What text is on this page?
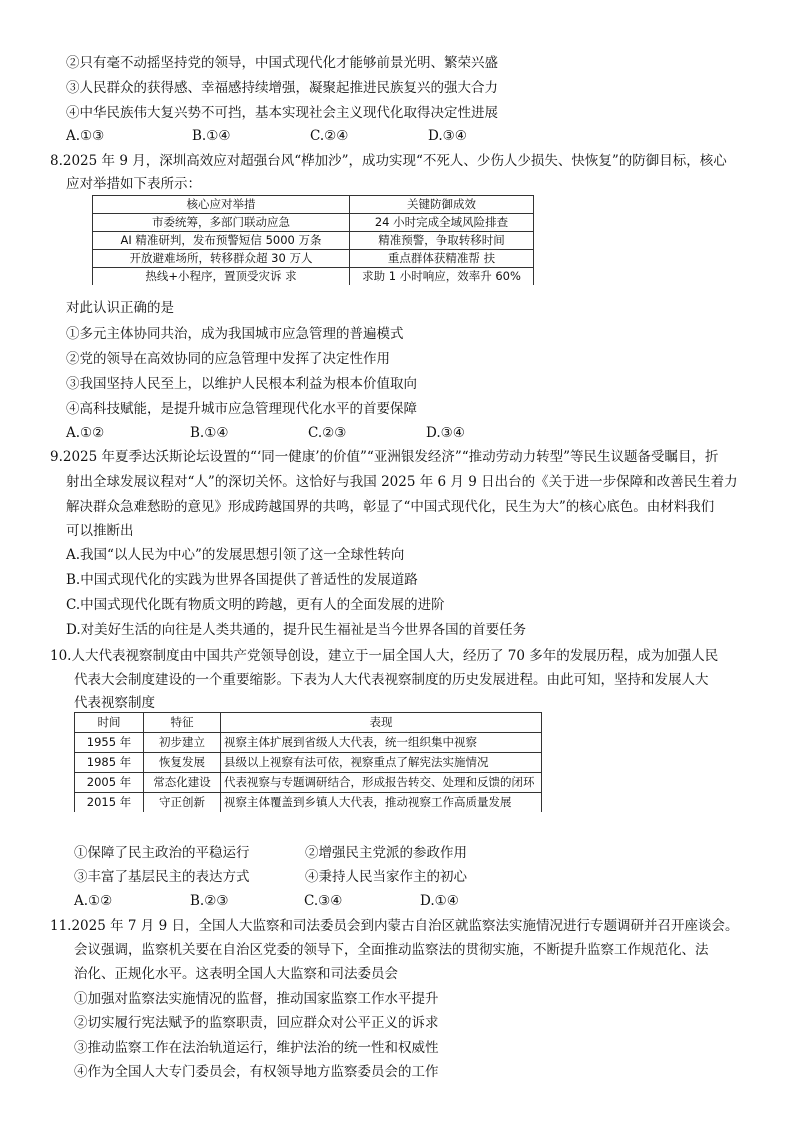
②只有毫不动摇坚持党的领导，中国式现代化才能够前景光明、繁荣兴盛
③人民群众的获得感、幸福感持续增强，凝聚起推进民族复兴的强大合力
④中华民族伟大复兴势不可挡，基本实现社会主义现代化取得决定性进展
A.①③	B.①④	C.②④	D.③④
8.2025 年 9 月，深圳高效应对超强台风“桦加沙”，成功实现“不死人、少伤人少损失、快恢复”的防御目标，核心
应对举措如下表所示：
核心应对举措	关键防御成效
市委统筹，多部门联动应急	24 小时完成全域风险排查
AI 精准研判，发布预警短信 5000 万条	精准预警，争取转移时间
开放避难场所，转移群众超 30 万人	重点群体获精准帮 扶
热线+小程序，置顶受灾诉 求	求助 1 小时响应，效率升 60%
对此认识正确的是
①多元主体协同共治，成为我国城市应急管理的普遍模式
②党的领导在高效协同的应急管理中发挥了决定性作用
③我国坚持人民至上，以维护人民根本利益为根本价值取向
④高科技赋能，是提升城市应急管理现代化水平的首要保障
A.①②	B.①④	C.②③	D.③④
9.2025 年夏季达沃斯论坛设置的“‘同一健康’的价值”“亚洲银发经济”“推动劳动力转型”等民生议题备受瞩目，折
射出全球发展议程对“人”的深切关怀。这恰好与我国 2025 年 6 月 9 日出台的《关于进一步保障和改善民生着力
解决群众急难愁盼的意见》形成跨越国界的共鸣，彰显了“中国式现代化，民生为大”的核心底色。由材料我们
可以推断出
A.我国“以人民为中心”的发展思想引领了这一全球性转向
B.中国式现代化的实践为世界各国提供了普适性的发展道路
C.中国式现代化既有物质文明的跨越，更有人的全面发展的进阶
D.对美好生活的向往是人类共通的，提升民生福祉是当今世界各国的首要任务
10.人大代表视察制度由中国共产党领导创设，建立于一届全国人大，经历了 70 多年的发展历程，成为加强人民
代表大会制度建设的一个重要缩影。下表为人大代表视察制度的历史发展进程。由此可知，坚持和发展人大
代表视察制度
时间	特征	表现
1955 年	初步建立	视察主体扩展到省级人大代表，统一组织集中视察
1985 年	恢复发展	县级以上视察有法可依，视察重点了解宪法实施情况
2005 年	常态化建设	代表视察与专题调研结合，形成报告转交、处理和反馈的闭环
2015 年	守正创新	视察主体覆盖到乡镇人大代表，推动视察工作高质量发展
①保障了民主政治的平稳运行	②增强民主党派的参政作用
③丰富了基层民主的表达方式	④秉持人民当家作主的初心
A.①②	B.②③	C.③④	D.①④
11.2025 年 7 月 9 日，全国人大监察和司法委员会到内蒙古自治区就监察法实施情况进行专题调研并召开座谈会。
会议强调，监察机关要在自治区党委的领导下，全面推动监察法的贯彻实施，不断提升监察工作规范化、法
治化、正规化水平。这表明全国人大监察和司法委员会
①加强对监察法实施情况的监督，推动国家监察工作水平提升
②切实履行宪法赋予的监察职责，回应群众对公平正义的诉求
③推动监察工作在法治轨道运行，维护法治的统一性和权威性
④作为全国人大专门委员会，有权领导地方监察委员会的工作
